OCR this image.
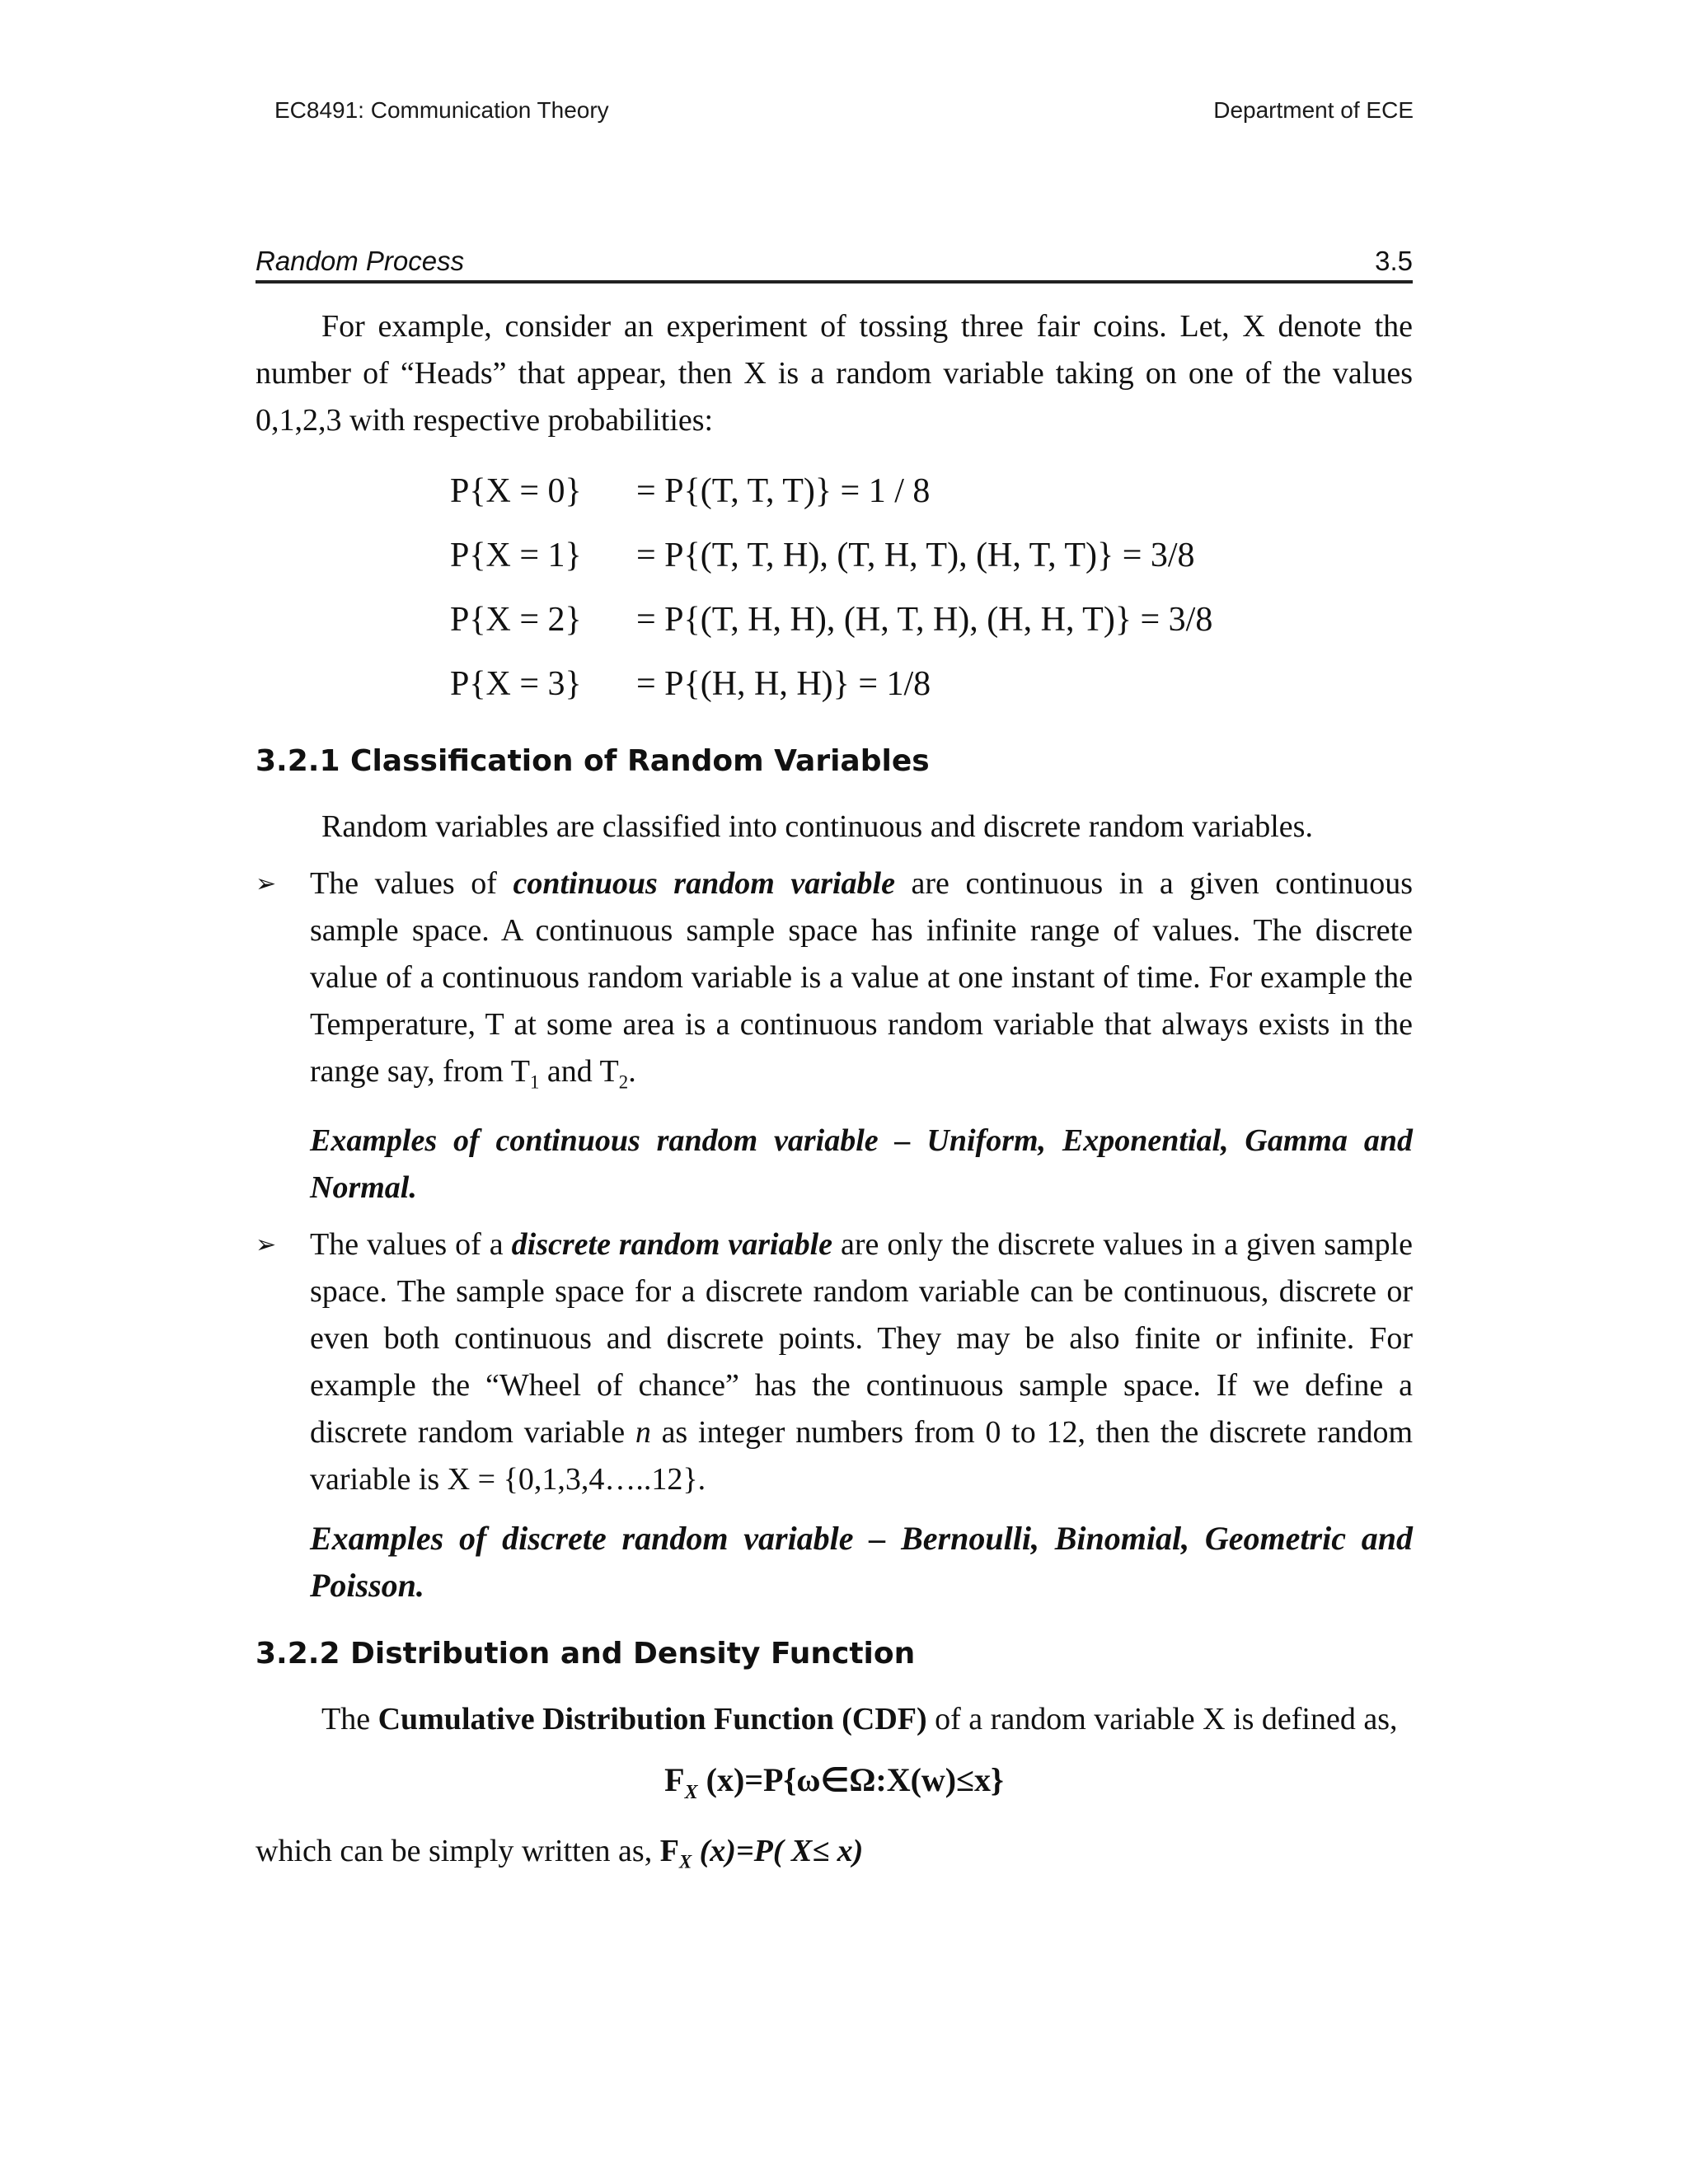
EC8491: Communication Theory	Department of ECE
Random Process	3.5

For example, consider an experiment of tossing three fair coins. Let, X denote the number of “Heads” that appear, then X is a random variable taking on one of the values 0,1,2,3 with respective probabilities:

P{X = 0}	= P{(T, T, T)} = 1 / 8
P{X = 1}	= P{(T, T, H), (T, H, T), (H, T, T)} = 3/8
P{X = 2}	= P{(T, H, H), (H, T, H), (H, H, T)} = 3/8
P{X = 3}	= P{(H, H, H)} = 1/8
3.2.1 Classification of Random Variables

Random variables are classified into continuous and discrete random variables.

➢ The values of continuous random variable are continuous in a given continuous sample space. A continuous sample space has infinite range of values. The discrete value of a continuous random variable is a value at one instant of time. For example the Temperature, T at some area is a continuous random variable that always exists in the range say, from $T_1$ and $T_2$.

Examples of continuous random variable – Uniform, Exponential, Gamma and Normal.

➢ The values of a discrete random variable are only the discrete values in a given sample space. The sample space for a discrete random variable can be continuous, discrete or even both continuous and discrete points. They may be also finite or infinite. For example the “Wheel of chance” has the continuous sample space. If we define a discrete random variable n as integer numbers from 0 to 12, then the discrete random variable is X = {0,1,3,4…..12}.

Examples of discrete random variable – Bernoulli, Binomial, Geometric and Poisson.

3.2.2 Distribution and Density Function

The Cumulative Distribution Function (CDF) of a random variable X is defined as,

$F_X$ (x)=P{ω∈Ω:X(w)≤x}

which can be simply written as, $F_X$ (x)=P( X≤ x)
